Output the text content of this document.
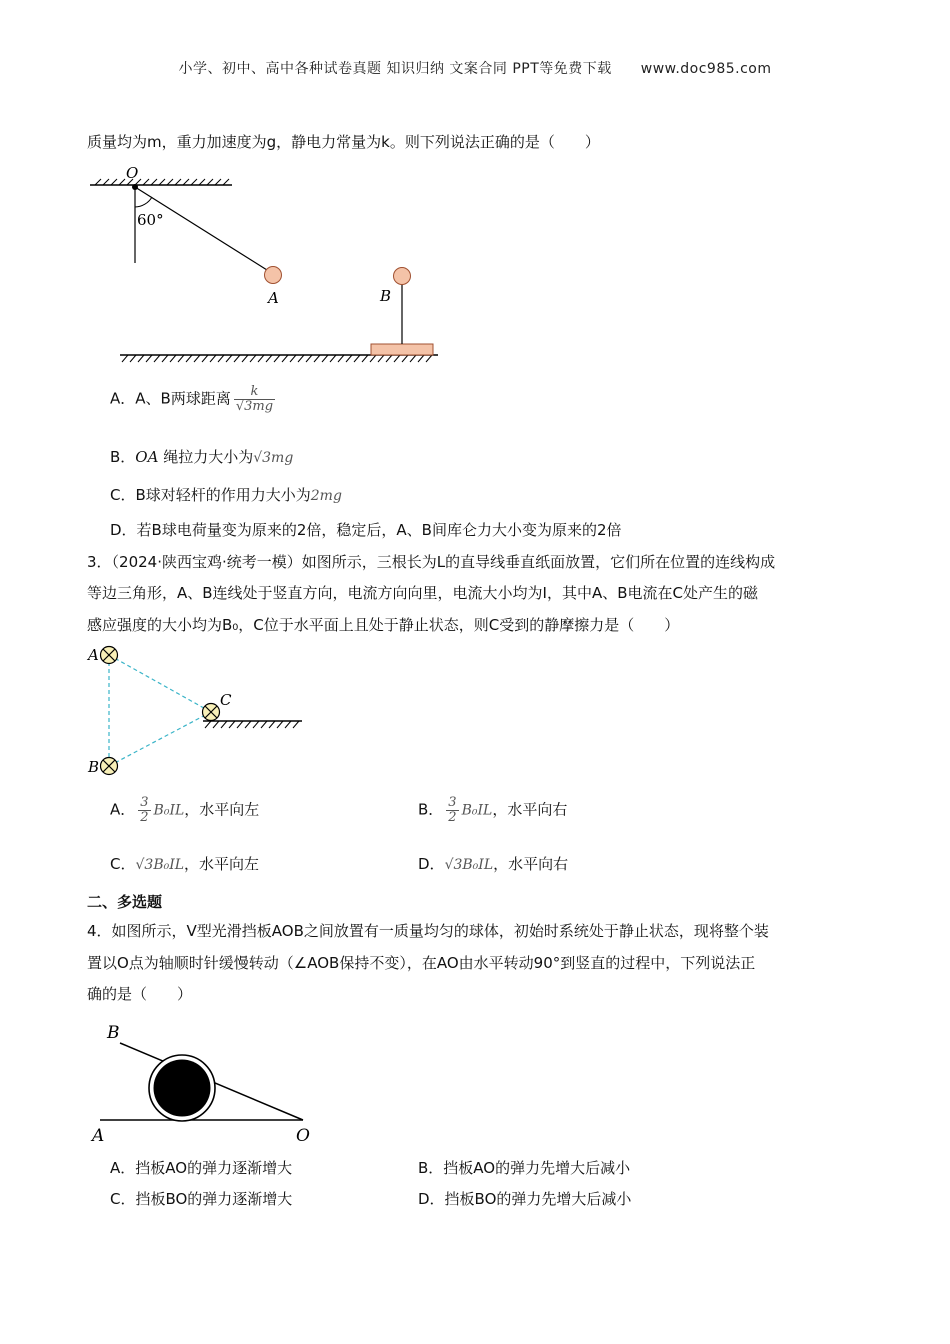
小学、初中、高中各种试卷真题 知识归纳 文案合同 PPT等免费下载 www.doc985.com
质量均为m，重力加速度为g，静电力常量为k。则下列说法正确的是（　　）
O
60°
A	B
A．A、B两球距离 $\frac{k}{√3mg}$
B．OA 绳拉力大小为√3mg
C．B球对轻杆的作用力大小为2mg
D．若B球电荷量变为原来的2倍，稳定后，A、B间库仑力大小变为原来的2倍
3．（2024·陕西宝鸡·统考一模）如图所示，三根长为L的直导线垂直纸面放置，它们所在位置的连线构成
等边三角形，A、B连线处于竖直方向，电流方向向里，电流大小均为I，其中A、B电流在C处产生的磁
感应强度的大小均为B₀，C位于水平面上且处于静止状态，则C受到的静摩擦力是（　　）
A
B
C
A． $\frac{3}{2} B_0IL$，水平向左	B． $\frac{3}{2} B_0IL$，水平向右
C．√3B₀IL，水平向左	D．√3B₀IL，水平向右
二、多选题
4．如图所示，V型光滑挡板AOB之间放置有一质量均匀的球体，初始时系统处于静止状态，现将整个装
置以O点为轴顺时针缓慢转动（∠AOB保持不变），在AO由水平转动90°到竖直的过程中，下列说法正
确的是（　　）
B
A	O
A．挡板AO的弹力逐渐增大	B．挡板AO的弹力先增大后减小
C．挡板BO的弹力逐渐增大	D．挡板BO的弹力先增大后减小
